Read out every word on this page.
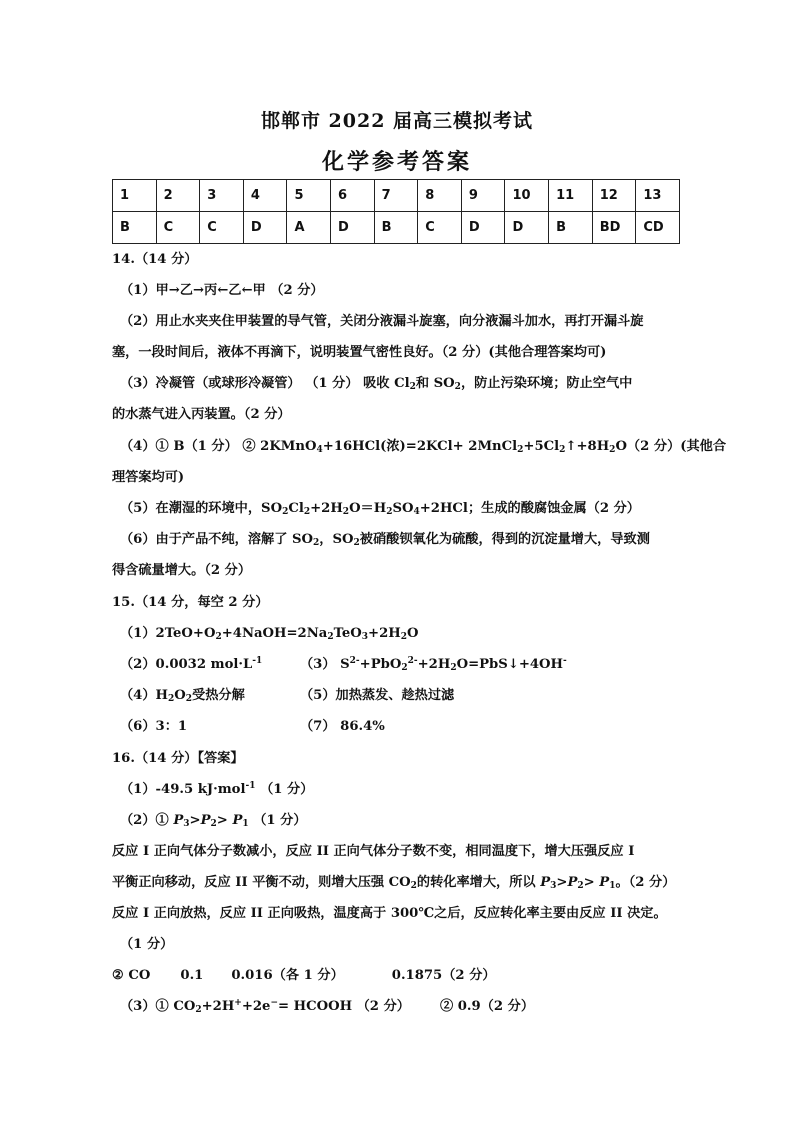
邯郸市 2022 届高三模拟考试
化学参考答案
1	2	3	4	5	6	7	8	9	10	11	12	13
B	C	C	D	A	D	B	C	D	D	B	BD	CD
14.（14 分）
（1）甲→乙→丙←乙←甲 （2 分）
（2）用止水夹夹住甲装置的导气管，关闭分液漏斗旋塞，向分液漏斗加水，再打开漏斗旋
塞，一段时间后，液体不再滴下，说明装置气密性良好。（2 分）(其他合理答案均可)
（3）冷凝管（或球形冷凝管） （1 分） 吸收 $Cl_2$和 $SO_2$，防止污染环境；防止空气中
的水蒸气进入丙装置。（2 分）
（4）① B（1 分） ② 2KMnO$_4$+16HCl(浓)$=2KCl+ 2MnCl_2+5Cl_2↑+8H_2O(2$ 分）(其他合
理答案均可)
（5）在潮湿的环境中，$SO_2Cl_2+2H_2O=H_2SO_4+2HCl$；生成的酸腐蚀金属（2 分）
（6）由于产品不纯，溶解了 $SO_2$，$SO_2$被硝酸钡氧化为硫酸，得到的沉淀量增大，导致测
得含硫量增大。（2 分）
15.（14 分，每空 2 分）
$(1)2TeO+O_2+4NaOH=2Na_2TeO_3+2H_2O$
（2）0.0032 $mol\cdot L^{-1}$	（3） $S^{2-}+PbO_2^{2-}+2H_2O=PbS↓+4OH^-$
$(4)H_2O_2$受热分解	（5）加热蒸发、趁热过滤
（6）3：1	（7） 86.4%
16.（14 分）【答案】
（1）-49.5 kJ·mol$^{-1}$ （1 分）
（2）① $P_3>P_2> P_1$ （1 分）
反应 I 正向气体分子数减小，反应 II 正向气体分子数不变，相同温度下，增大压强反应 I
平衡正向移动，反应 II 平衡不动，则增大压强 $CO_2$的转化率增大，所以 $P_3>P_2> P_1$。（2 分）
反应 I 正向放热，反应 II 正向吸热，温度高于 300℃之后，反应转化率主要由反应 II 决定。
（1 分）
② CO 0.1 0.016（各 1 分）	0.1875（2 分）
（3）① $CO_2+2H^++2e^-=$ HCOOH （2 分） ② 0.9（2 分）
